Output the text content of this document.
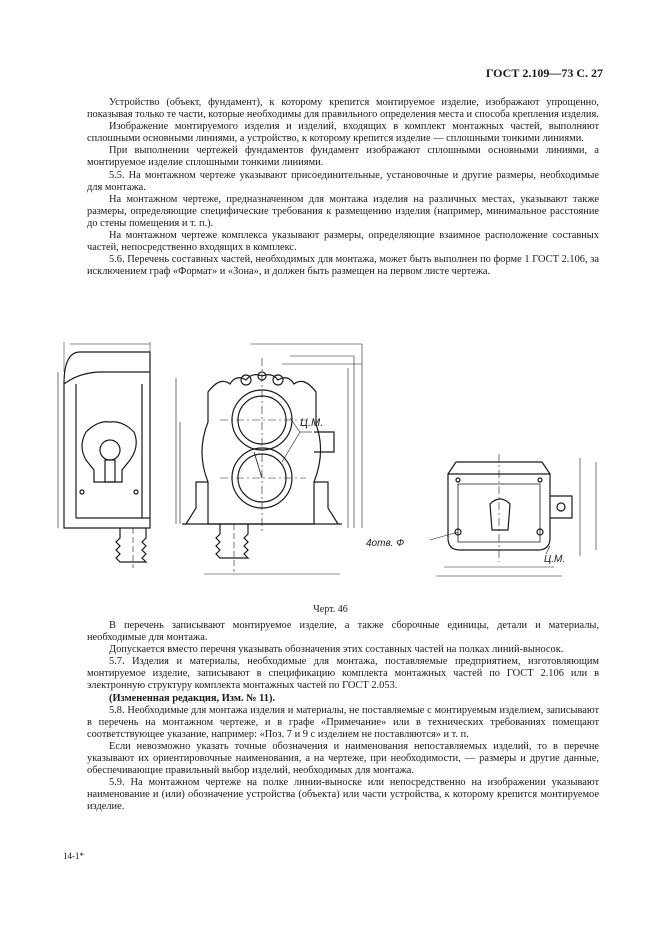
ГОСТ 2.109—73 С. 27

Устройство (объект, фундамент), к которому крепится монтируемое изделие, изображают упрощенно, показывая только те части, которые необходимы для правильного определения места и способа крепления изделия.

Изображение монтируемого изделия и изделий, входящих в комплект монтажных частей, выполняют сплошными основными линиями, а устройство, к которому крепится изделие — сплошными тонкими линиями.

При выполнении чертежей фундаментов фундамент изображают сплошными основными линиями, а монтируемое изделие сплошными тонкими линиями.

5.5. На монтажном чертеже указывают присоединительные, установочные и другие размеры, необходимые для монтажа.

На монтажном чертеже, предназначенном для монтажа изделия на различных местах, указывают также размеры, определяющие специфические требования к размещению изделия (например, минимальное расстояние до стены помещения и т. п.).

На монтажном чертеже комплекса указывают размеры, определяющие взаимное расположение составных частей, непосредственно входящих в комплекс.

5.6. Перечень составных частей, необходимых для монтажа, может быть выполнен по форме 1 ГОСТ 2.106, за исключением граф «Формат» и «Зона», и должен быть размещен на первом листе чертежа.

Ц.М.
4отв. Ф
Ц.М.
Черт. 46

В перечень записывают монтируемое изделие, а также сборочные единицы, детали и материалы, необходимые для монтажа.

Допускается вместо перечня указывать обозначения этих составных частей на полках линий-выносок.

5.7. Изделия и материалы, необходимые для монтажа, поставляемые предприятием, изготовляющим монтируемое изделие, записывают в спецификацию комплекта монтажных частей по ГОСТ 2.106 или в электронную структуру комплекта монтажных частей по ГОСТ 2.053.

(Измененная редакция, Изм. № 11).

5.8. Необходимые для монтажа изделия и материалы, не поставляемые с монтируемым изделием, записывают в перечень на монтажном чертеже, и в графе «Примечание» или в технических требованиях помещают соответствующее указание, например: «Поз. 7 и 9 с изделием не поставляются» и т. п.

Если невозможно указать точные обозначения и наименования непоставляемых изделий, то в перечне указывают их ориентировочные наименования, а на чертеже, при необходимости, — размеры и другие данные, обеспечивающие правильный выбор изделий, необходимых для монтажа.

5.9. На монтажном чертеже на полке линии-выноске или непосредственно на изображении указывают наименование и (или) обозначение устройства (объекта) или части устройства, к которому крепится монтируемое изделие.

14-1*
